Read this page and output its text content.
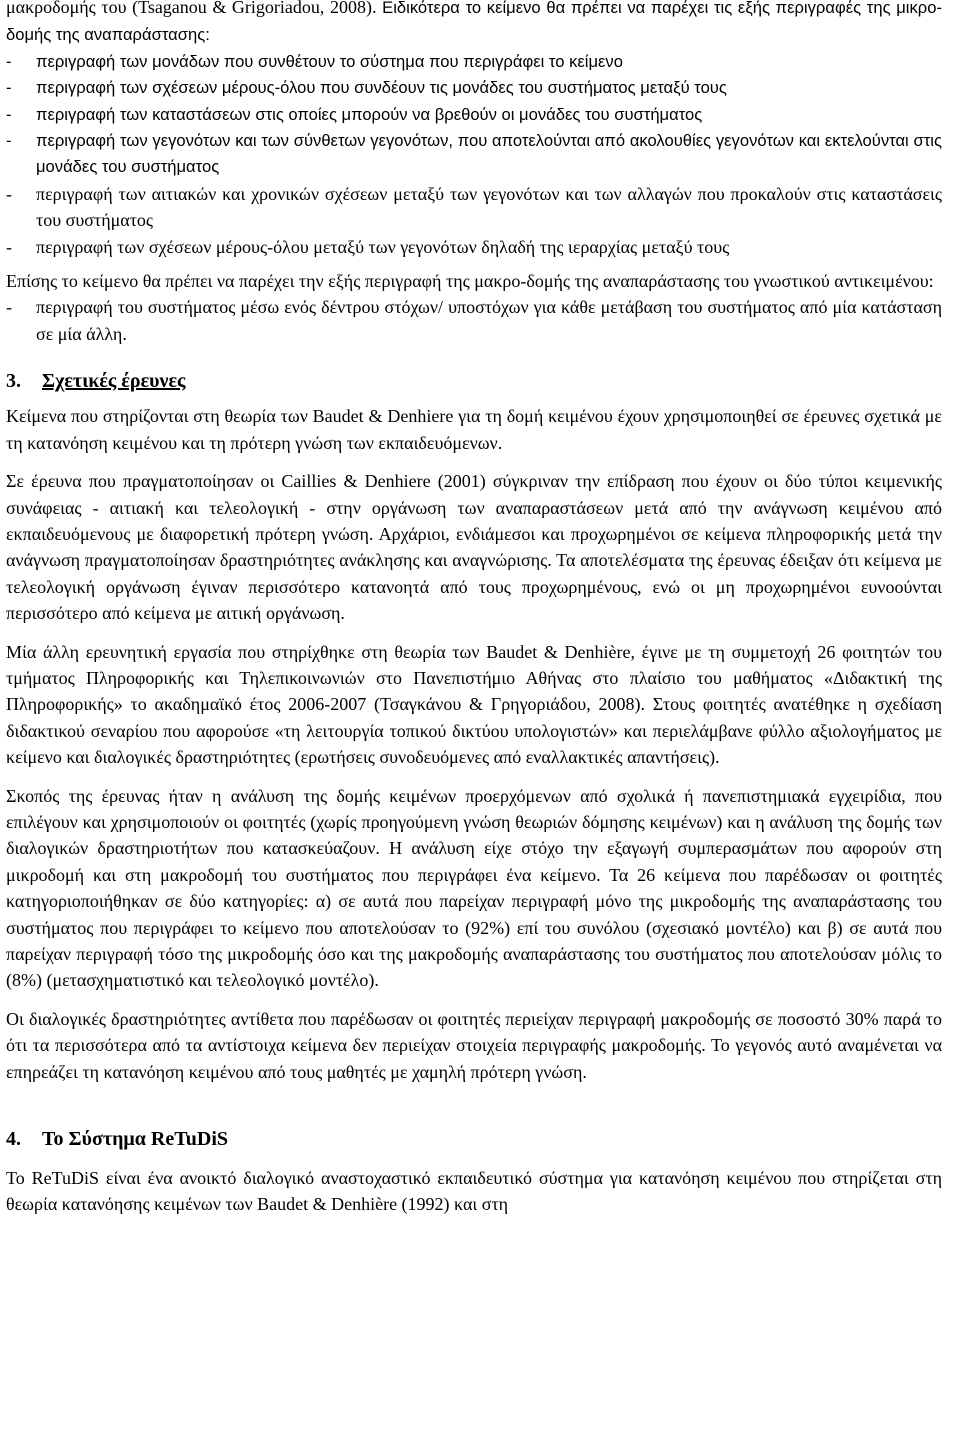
μακροδομής του (Tsaganou & Grigoriadou, 2008). Ειδικότερα το κείμενο θα πρέπει να παρέχει τις εξής περιγραφές της μικρο-δομής της αναπαράστασης:

- περιγραφή των μονάδων που συνθέτουν το σύστημα που περιγράφει το κείμενο
- περιγραφή των σχέσεων μέρους-όλου που συνδέουν τις μονάδες του συστήματος μεταξύ τους
- περιγραφή των καταστάσεων στις οποίες μπορούν να βρεθούν οι μονάδες του συστήματος
- περιγραφή των γεγονότων και των σύνθετων γεγονότων, που αποτελούνται από ακολουθίες γεγονότων και εκτελούνται στις μονάδες του συστήματος
- περιγραφή των αιτιακών και χρονικών σχέσεων μεταξύ των γεγονότων και των αλλαγών που προκαλούν στις καταστάσεις του συστήματος
- περιγραφή των σχέσεων μέρους-όλου μεταξύ των γεγονότων δηλαδή της ιεραρχίας μεταξύ τους

Επίσης το κείμενο θα πρέπει να παρέχει την εξής περιγραφή της μακρο-δομής της αναπαράστασης του γνωστικού αντικειμένου:

- περιγραφή του συστήματος μέσω ενός δέντρου στόχων/ υποστόχων για κάθε μετάβαση του συστήματος από μία κατάσταση σε μία άλλη.
3. Σχετικές έρευνες

Κείμενα που στηρίζονται στη θεωρία των Baudet & Denhiere για τη δομή κειμένου έχουν χρησιμοποιηθεί σε έρευνες σχετικά με τη κατανόηση κειμένου και τη πρότερη γνώση των εκπαιδευόμενων.

Σε έρευνα που πραγματοποίησαν οι Caillies & Denhiere (2001) σύγκριναν την επίδραση που έχουν οι δύο τύποι κειμενικής συνάφειας - αιτιακή και τελεολογική - στην οργάνωση των αναπαραστάσεων μετά από την ανάγνωση κειμένου από εκπαιδευόμενους με διαφορετική πρότερη γνώση. Αρχάριοι, ενδιάμεσοι και προχωρημένοι σε κείμενα πληροφορικής μετά την ανάγνωση πραγματοποίησαν δραστηριότητες ανάκλησης και αναγνώρισης. Τα αποτελέσματα της έρευνας έδειξαν ότι κείμενα με τελεολογική οργάνωση έγιναν περισσότερο κατανοητά από τους προχωρημένους, ενώ οι μη προχωρημένοι ευνοούνται περισσότερο από κείμενα με αιτική οργάνωση.

Μία άλλη ερευνητική εργασία που στηρίχθηκε στη θεωρία των Baudet & Denhière, έγινε με τη συμμετοχή 26 φοιτητών του τμήματος Πληροφορικής και Τηλεπικοινωνιών στο Πανεπιστήμιο Αθήνας στο πλαίσιο του μαθήματος «Διδακτική της Πληροφορικής» το ακαδημαϊκό έτος 2006-2007 (Τσαγκάνου & Γρηγοριάδου, 2008). Στους φοιτητές ανατέθηκε η σχεδίαση διδακτικού σεναρίου που αφορούσε «τη λειτουργία τοπικού δικτύου υπολογιστών» και περιελάμβανε φύλλο αξιολογήματος με κείμενο και διαλογικές δραστηριότητες (ερωτήσεις συνοδευόμενες από εναλλακτικές απαντήσεις).

Σκοπός της έρευνας ήταν η ανάλυση της δομής κειμένων προερχόμενων από σχολικά ή πανεπιστημιακά εγχειρίδια, που επιλέγουν και χρησιμοποιούν οι φοιτητές (χωρίς προηγούμενη γνώση θεωριών δόμησης κειμένων) και η ανάλυση της δομής των διαλογικών δραστηριοτήτων που κατασκεύαζουν. Η ανάλυση είχε στόχο την εξαγωγή συμπερασμάτων που αφορούν στη μικροδομή και στη μακροδομή του συστήματος που περιγράφει ένα κείμενο. Τα 26 κείμενα που παρέδωσαν οι φοιτητές κατηγοριοποιήθηκαν σε δύο κατηγορίες: α) σε αυτά που παρείχαν περιγραφή μόνο της μικροδομής της αναπαράστασης του συστήματος που περιγράφει το κείμενο που αποτελούσαν το (92%) επί του συνόλου (σχεσιακό μοντέλο) και β) σε αυτά που παρείχαν περιγραφή τόσο της μικροδομής όσο και της μακροδομής αναπαράστασης του συστήματος που αποτελούσαν μόλις το (8%) (μετασχηματιστικό και τελεολογικό μοντέλο).

Οι διαλογικές δραστηριότητες αντίθετα που παρέδωσαν οι φοιτητές περιείχαν περιγραφή μακροδομής σε ποσοστό 30% παρά το ότι τα περισσότερα από τα αντίστοιχα κείμενα δεν περιείχαν στοιχεία περιγραφής μακροδομής. Το γεγονός αυτό αναμένεται να επηρεάζει τη κατανόηση κειμένου από τους μαθητές με χαμηλή πρότερη γνώση.

4. Το Σύστημα ReTuDiS

Το ReTuDiS είναι ένα ανοικτό διαλογικό αναστοχαστικό εκπαιδευτικό σύστημα για κατανόηση κειμένου που στηρίζεται στη θεωρία κατανόησης κειμένων των Baudet & Denhière (1992) και στη
